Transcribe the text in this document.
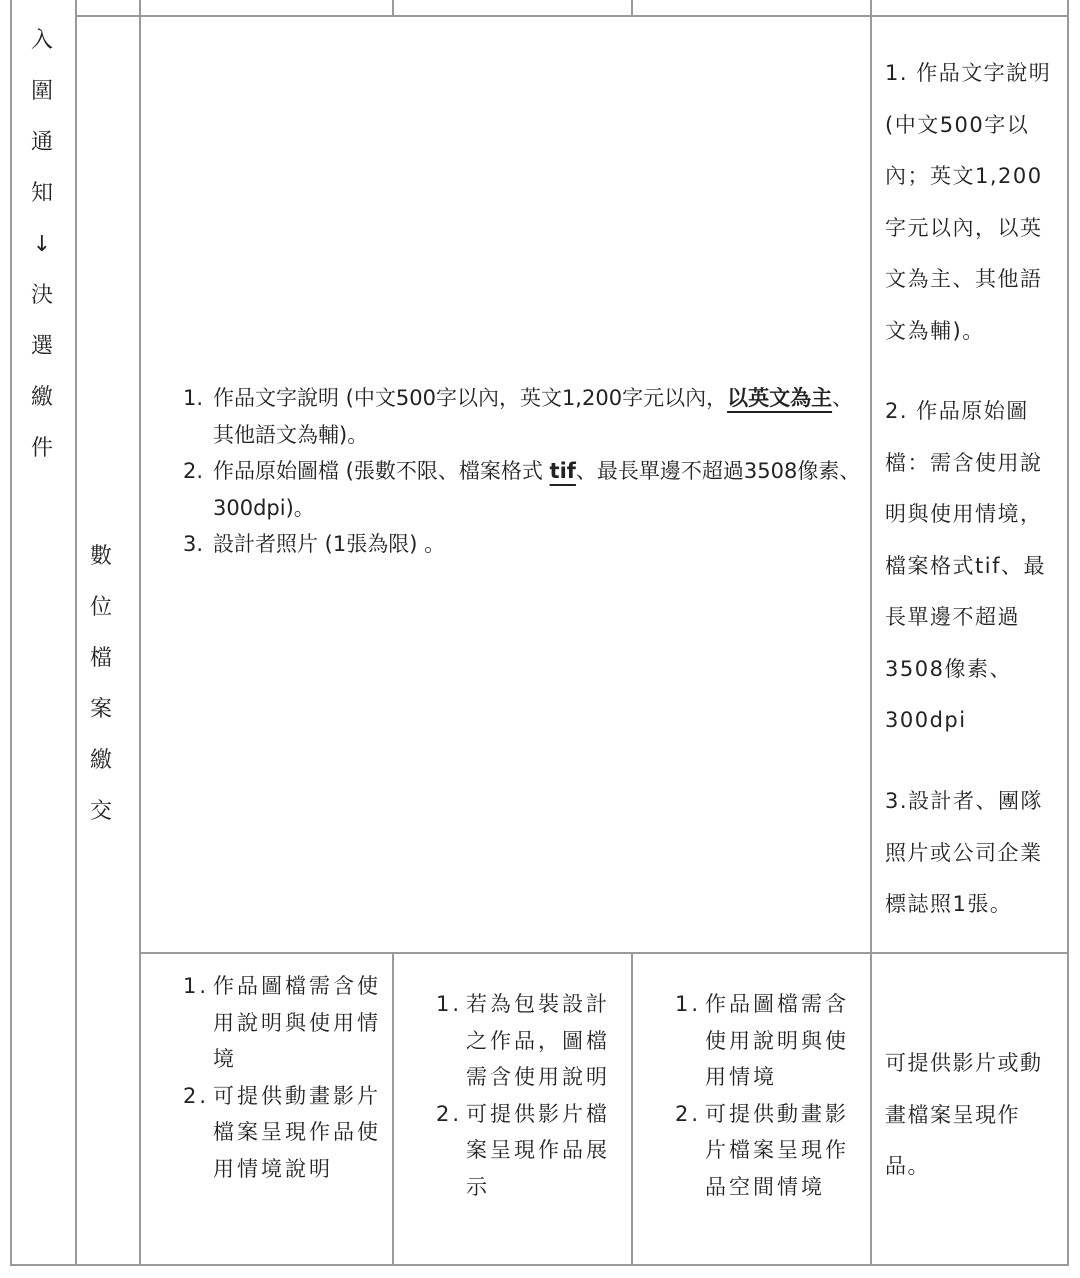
入
圍
通
知
↓
決
選
繳
件
數
位
檔
案
繳
交
1. 作品文字說明 (中文500字以內，英文1,200字元以內，以英文為主、其他語文為輔)。
2. 作品原始圖檔 (張數不限、檔案格式 tif、最長單邊不超過3508像素、300dpi)。
3. 設計者照片 (1張為限) 。
1. 作品文字說明 (中文500字以內；英文1,200字元以內，以英文為主、其他語文為輔)。
2. 作品原始圖檔：需含使用說明與使用情境，檔案格式tif、最長單邊不超過3508像素、300dpi
3.設計者、團隊照片或公司企業標誌照1張。
1. 作品圖檔需含使用說明與使用情境
2. 可提供動畫影片檔案呈現作品使用情境說明
1. 若為包裝設計之作品，圖檔需含使用說明
2. 可提供影片檔案呈現作品展示
1. 作品圖檔需含使用說明與使用情境
2. 可提供動畫影片檔案呈現作品空間情境
可提供影片或動畫檔案呈現作品。
